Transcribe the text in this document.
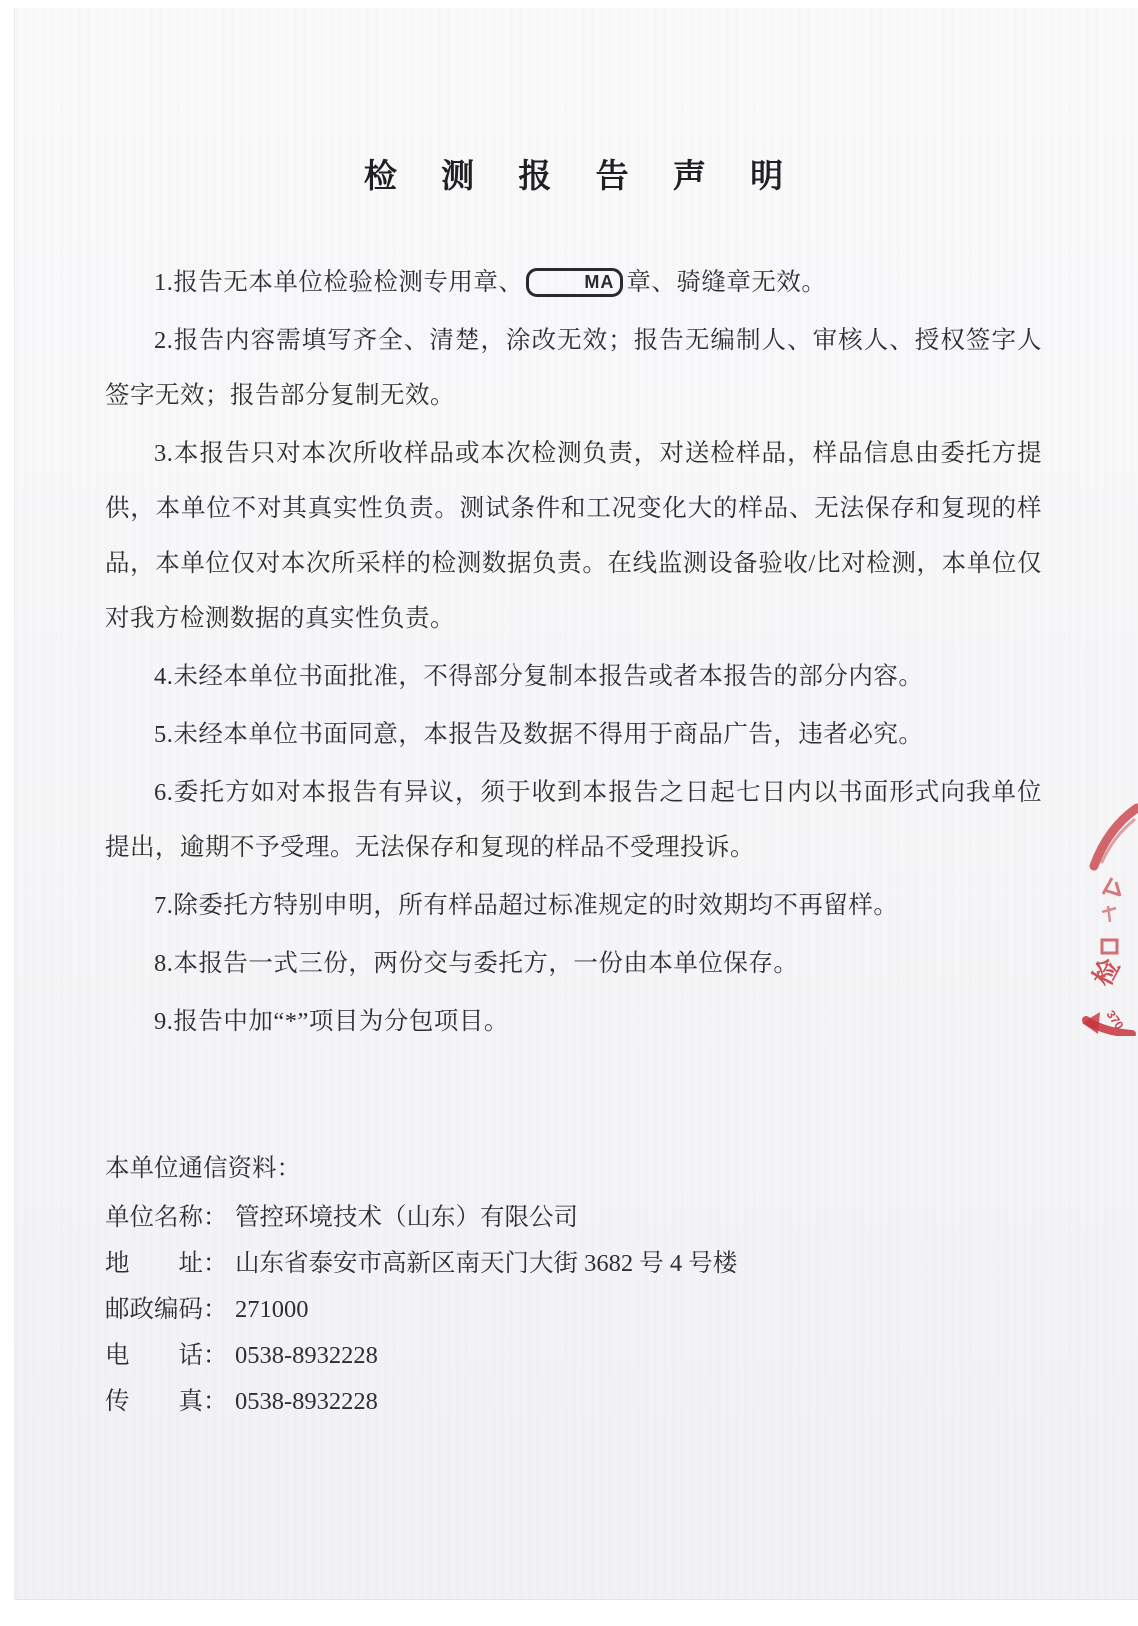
检 测 报 告 声 明

1.报告无本单位检验检测专用章、	MA 章、骑缝章无效。

2.报告内容需填写齐全、清楚，涂改无效；报告无编制人、审核人、授权签字人签字无效；报告部分复制无效。

3.本报告只对本次所收样品或本次检测负责，对送检样品，样品信息由委托方提供，本单位不对其真实性负责。测试条件和工况变化大的样品、无法保存和复现的样品，本单位仅对本次所采样的检测数据负责。在线监测设备验收/比对检测，本单位仅对我方检测数据的真实性负责。

4.未经本单位书面批准，不得部分复制本报告或者本报告的部分内容。

5.未经本单位书面同意，本报告及数据不得用于商品广告，违者必究。

6.委托方如对本报告有异议，须于收到本报告之日起七日内以书面形式向我单位提出，逾期不予受理。无法保存和复现的样品不受理投诉。

7.除委托方特别申明，所有样品超过标准规定的时效期均不再留样。

8.本报告一式三份，两份交与委托方，一份由本单位保存。

9.报告中加“*”项目为分包项目。

本单位通信资料：

单位名称： 管控环境技术（山东）有限公司
地　　址： 山东省泰安市高新区南天门大街 3682 号 4 号楼
邮政编码： 271000
电　　话： 0538-8932228
传　　真： 0538-8932228
检
370
